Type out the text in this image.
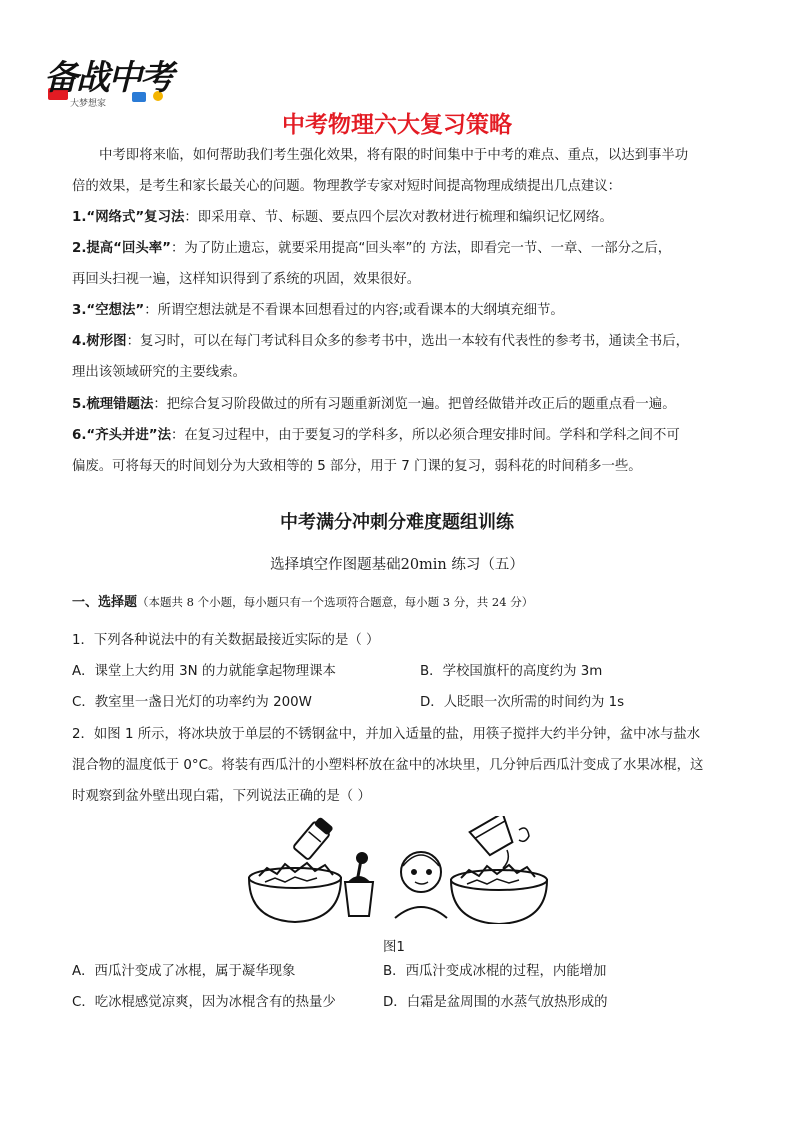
备战中考
大梦想家
中考物理六大复习策略
中考即将来临，如何帮助我们考生强化效果，将有限的时间集中于中考的难点、重点，以达到事半功
倍的效果，是考生和家长最关心的问题。物理教学专家对短时间提高物理成绩提出几点建议：
1.“网络式”复习法：即采用章、节、标题、要点四个层次对教材进行梳理和编织记忆网络。
2.提高“回头率”：为了防止遗忘，就要采用提高“回头率”的 方法，即看完一节、一章、一部分之后，
再回头扫视一遍，这样知识得到了系统的巩固，效果很好。
3.“空想法”：所谓空想法就是不看课本回想看过的内容;或看课本的大纲填充细节。
4.树形图：复习时，可以在每门考试科目众多的参考书中，选出一本较有代表性的参考书，通读全书后，
理出该领域研究的主要线索。
5.梳理错题法：把综合复习阶段做过的所有习题重新浏览一遍。把曾经做错并改正后的题重点看一遍。
6.“齐头并进”法：在复习过程中，由于要复习的学科多，所以必须合理安排时间。学科和学科之间不可
偏废。可将每天的时间划分为大致相等的 5 部分，用于 7 门课的复习，弱科花的时间稍多一些。
中考满分冲刺分难度题组训练
选择填空作图题基础20min 练习（五）
一、选择题（本题共 8 个小题，每小题只有一个选项符合题意，每小题 3 分，共 24 分）
1．下列各种说法中的有关数据最接近实际的是（ ）
A．课堂上大约用 3N 的力就能拿起物理课本	B．学校国旗杆的高度约为 3m
C．教室里一盏日光灯的功率约为 200W	D．人眨眼一次所需的时间约为 1s
2．如图 1 所示，将冰块放于单层的不锈钢盆中，并加入适量的盐，用筷子搅拌大约半分钟，盆中冰与盐水
混合物的温度低于 0°C。将装有西瓜汁的小塑料杯放在盆中的冰块里，几分钟后西瓜汁变成了水果冰棍，这
时观察到盆外壁出现白霜，下列说法正确的是（ ）
图1
A．西瓜汁变成了冰棍，属于凝华现象	B．西瓜汁变成冰棍的过程，内能增加
C．吃冰棍感觉凉爽，因为冰棍含有的热量少	D．白霜是盆周围的水蒸气放热形成的
